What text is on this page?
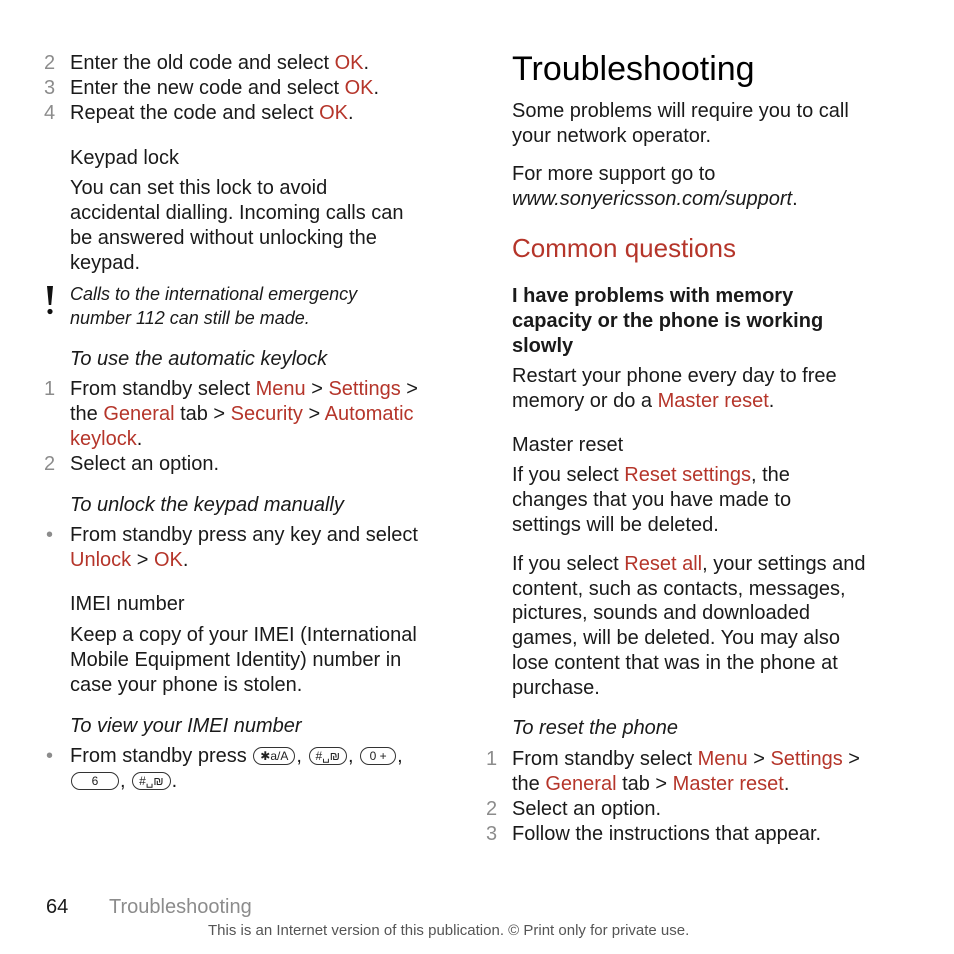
2 Enter the old code and select OK.
3 Enter the new code and select OK.
4 Repeat the code and select OK.
Keypad lock
You can set this lock to avoid
accidental dialling. Incoming calls can
be answered without unlocking the
keypad.
Calls to the international emergency
number 112 can still be made.
To use the automatic keylock
1 From standby select Menu > Settings >
the General tab > Security > Automatic
keylock.
2 Select an option.
To unlock the keypad manually
• From standby press any key and select
Unlock > OK.
IMEI number
Keep a copy of your IMEI (International
Mobile Equipment Identity) number in
case your phone is stolen.
To view your IMEI number
• From standby press ✱a/A , #␣₪ , 0 + ,
6 , #␣₪ .
Troubleshooting
Some problems will require you to call
your network operator.
For more support go to
www.sonyericsson.com/support.
Common questions
I have problems with memory
capacity or the phone is working
slowly
Restart your phone every day to free
memory or do a Master reset.
Master reset
If you select Reset settings, the
changes that you have made to
settings will be deleted.
If you select Reset all, your settings and
content, such as contacts, messages,
pictures, sounds and downloaded
games, will be deleted. You may also
lose content that was in the phone at
purchase.
To reset the phone
1 From standby select Menu > Settings >
the General tab > Master reset.
2 Select an option.
3 Follow the instructions that appear.
64 Troubleshooting
This is an Internet version of this publication. © Print only for private use.
